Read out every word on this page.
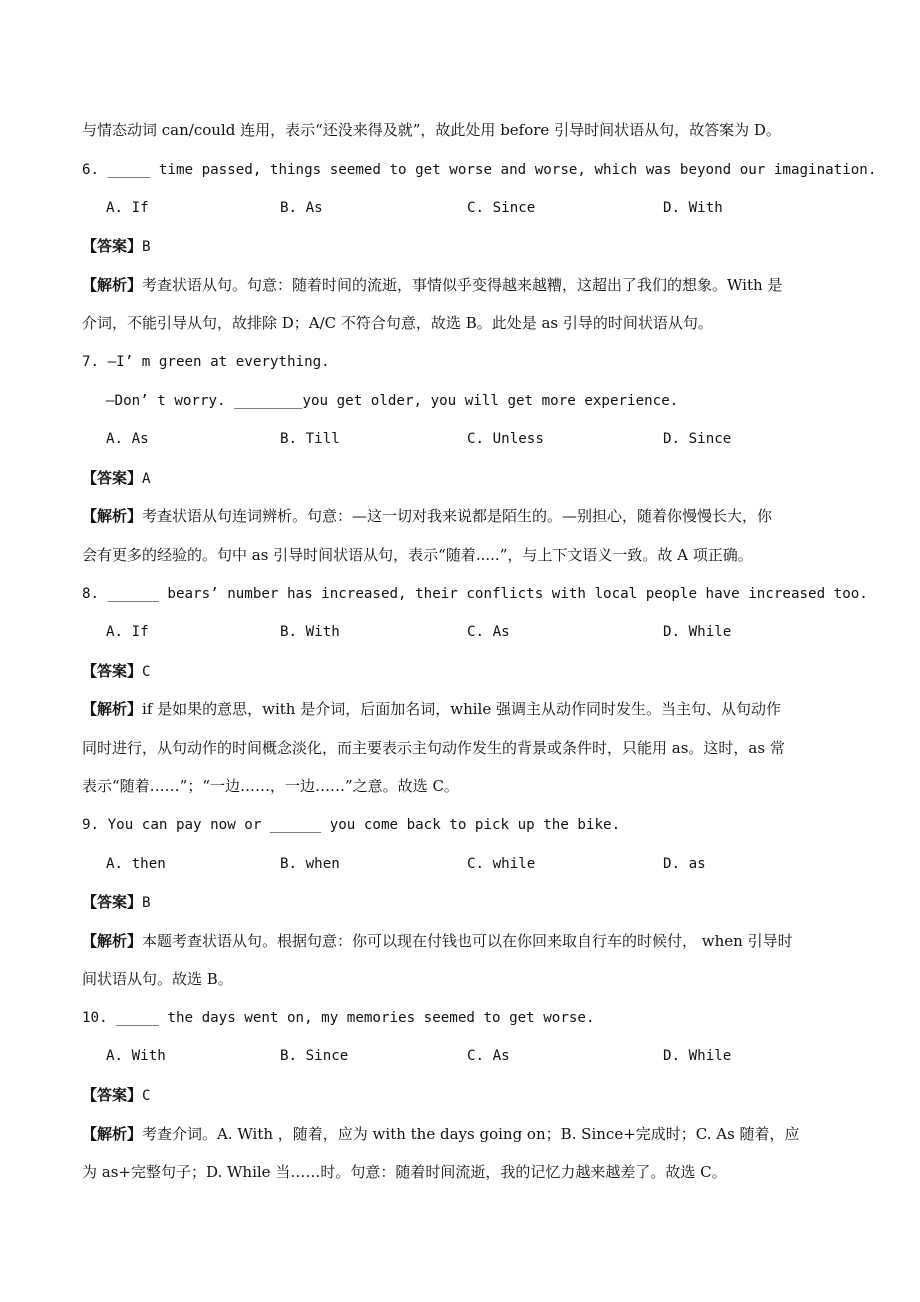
与情态动词 can/could 连用，表示“还没来得及就”，故此处用 before 引导时间状语从句，故答案为 D。
6. _____ time passed, things seemed to get worse and worse, which was beyond our imagination.
A. If	B. As	C. Since	D. With
【答案】B
【解析】考查状语从句。句意：随着时间的流逝，事情似乎变得越来越糟，这超出了我们的想象。With 是
介词，不能引导从句，故排除 D；A/C 不符合句意，故选 B。此处是 as 引导的时间状语从句。
7. —I’ m green at everything.
—Don’ t worry. ________you get older, you will get more experience.
A. As	B. Till	C. Unless	D. Since
【答案】A
【解析】考查状语从句连词辨析。句意：—这一切对我来说都是陌生的。—别担心，随着你慢慢长大，你
会有更多的经验的。句中 as 引导时间状语从句，表示“随着.....”，与上下文语义一致。故 A 项正确。
8. ______ bears’ number has increased, their conflicts with local people have increased too.
A. If	B. With	C. As	D. While
【答案】C
【解析】if 是如果的意思，with 是介词，后面加名词，while 强调主从动作同时发生。当主句、从句动作
同时进行，从句动作的时间概念淡化，而主要表示主句动作发生的背景或条件时，只能用 as。这时，as 常
表示“随着……”；“一边……，一边……”之意。故选 C。
9. You can pay now or ______ you come back to pick up the bike.
A. then	B. when	C. while	D. as
【答案】B
【解析】本题考查状语从句。根据句意：你可以现在付钱也可以在你回来取自行车的时候付， when 引导时
间状语从句。故选 B。
10. _____ the days went on, my memories seemed to get worse.
A. With	B. Since	C. As	D. While
【答案】C
【解析】考查介词。A. With ，随着，应为 with the days going on；B. Since+完成时；C. As 随着，应
为 as+完整句子；D. While 当……时。句意：随着时间流逝，我的记忆力越来越差了。故选 C。
